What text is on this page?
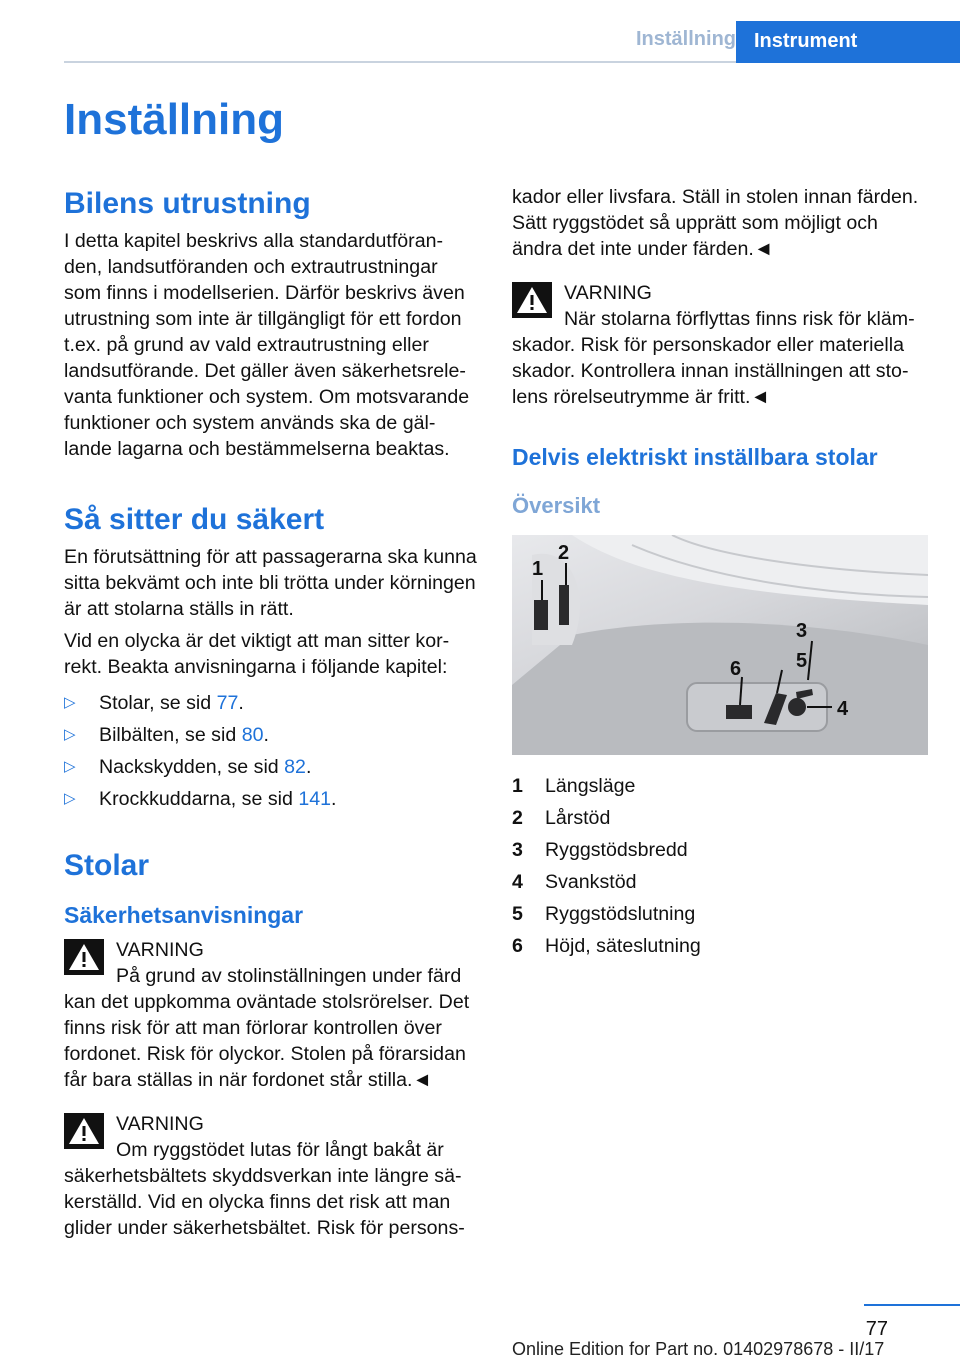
Inställning Instrument
Inställning
Bilens utrustning

I detta kapitel beskrivs alla standardutföran-den, landsutföranden och extrautrustningar som finns i modellserien. Därför beskrivs även utrustning som inte är tillgängligt för ett fordon t.ex. på grund av vald extrautrustning eller landsutförande. Det gäller även säkerhetsrele-vanta funktioner och system. Om motsvarande funktioner och system används ska de gäl-lande lagarna och bestämmelserna beaktas.

Så sitter du säkert

En förutsättning för att passagerarna ska kunna sitta bekvämt och inte bli trötta under körningen är att stolarna ställs in rätt.

Vid en olycka är det viktigt att man sitter kor-rekt. Beakta anvisningarna i följande kapitel:

▷ Stolar, se sid 77.
▷ Bilbälten, se sid 80.
▷ Nackskydden, se sid 82.
▷ Krockkuddarna, se sid 141.
Stolar
Säkerhetsanvisningar

VARNING

På grund av stolinställningen under färd kan det uppkomma oväntade stolsrörelser. Det finns risk för att man förlorar kontrollen över fordonet. Risk för olyckor. Stolen på förarsidan får bara ställas in när fordonet står stilla.◄

VARNING

Om ryggstödet lutas för långt bakåt är säkerhetsbältets skyddsverkan inte längre sä-kerställd. Vid en olycka finns det risk att man glider under säkerhetsbältet. Risk för persons-

kador eller livsfara. Ställ in stolen innan färden. Sätt ryggstödet så upprätt som möjligt och ändra det inte under färden.◄

VARNING

När stolarna förflyttas finns risk för kläm-skador. Risk för personskador eller materiella skador. Kontrollera innan inställningen att sto-lens rörelseutrymme är fritt.◄

Delvis elektriskt inställbara stolar
Översikt
1
2
3
4
5
6
1	Längsläge
2	Lårstöd
3	Ryggstödsbredd
4	Svankstöd
5	Ryggstödslutning
6	Höjd, säteslutning
77
Online Edition for Part no. 01402978678 - II/17
